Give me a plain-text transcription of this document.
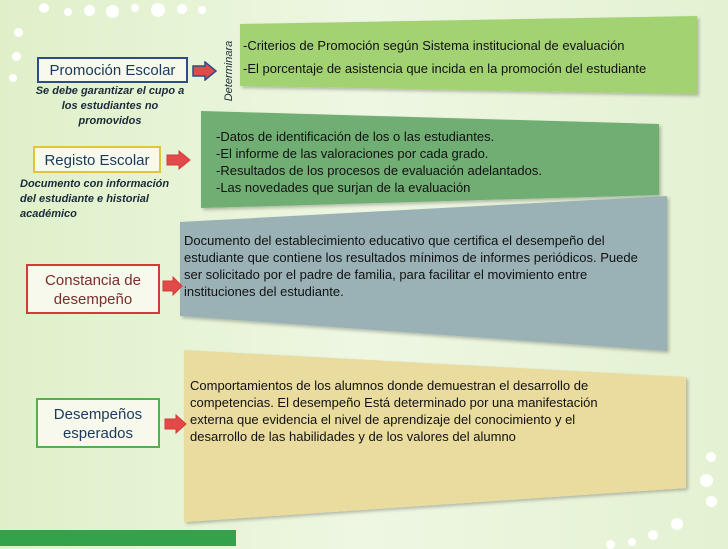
Promoción Escolar
Se debe garantizar el cupo a los estudiantes no promovidos
Determinara -Criterios de Promoción según Sistema institucional de evaluación
-El porcentaje de asistencia que incida en la promoción del estudiante
Registo Escolar
Documento con información del estudiante e historial académico
-Datos de identificación de los o las estudiantes.
-El informe de las valoraciones por cada grado.
-Resultados de los procesos de evaluación adelantados.
-Las novedades que surjan de la evaluación
Constancia de desempeño
Documento del establecimiento educativo que certifica el desempeño del estudiante que contiene los resultados mínimos de informes periódicos. Puede ser solicitado por el padre de familia, para facilitar el movimiento entre instituciones del estudiante.
Desempeños esperados
Comportamientos de los alumnos donde demuestran el desarrollo de competencias. El desempeño Está determinado por una manifestación externa que evidencia el nivel de aprendizaje del conocimiento y el desarrollo de las habilidades y de los valores del alumno
